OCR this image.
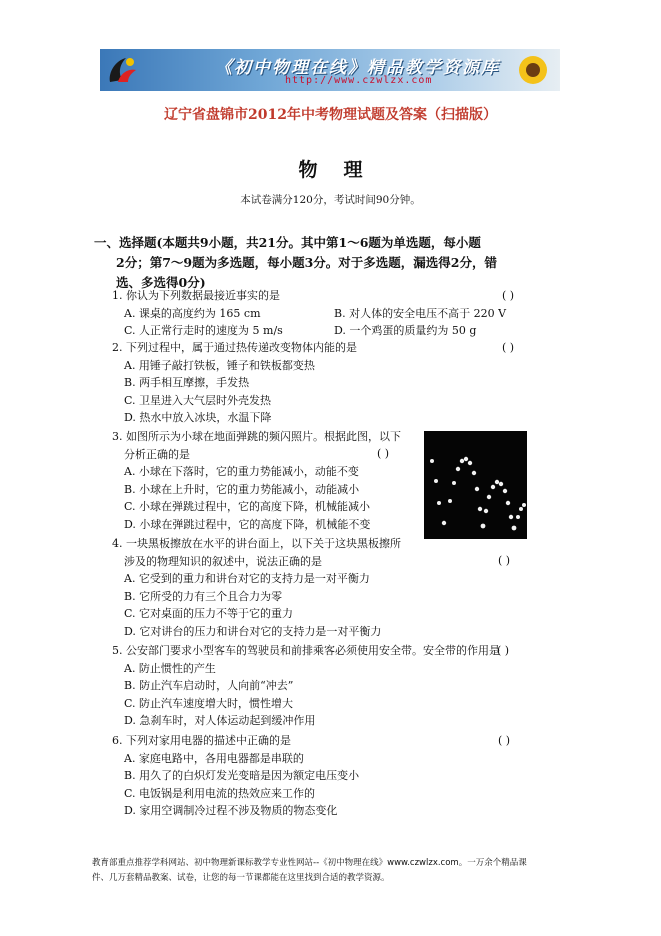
《初中物理在线》精品教学资源库
http://www.czwlzx.com
辽宁省盘锦市2012年中考物理试题及答案（扫描版）
物理
本试卷满分120分，考试时间90分钟。
一、选择题(本题共9小题，共21分。其中第1～6题为单选题，每小题
2分；第7～9题为多选题，每小题3分。对于多选题，漏选得2分，错
选、多选得0分)
1. 你认为下列数据最接近事实的是	( )
A. 课桌的高度约为 165 cm	B. 对人体的安全电压不高于 220 V
C. 人正常行走时的速度为 5 m/s	D. 一个鸡蛋的质量约为 50 g
2. 下列过程中，属于通过热传递改变物体内能的是	( )
A. 用锤子敲打铁板，锤子和铁板都变热
B. 两手相互摩擦，手发热
C. 卫星进入大气层时外壳发热
D. 热水中放入冰块，水温下降
3. 如图所示为小球在地面弹跳的频闪照片。根据此图，以下
分析正确的是	( )
A. 小球在下落时，它的重力势能减小，动能不变
B. 小球在上升时，它的重力势能减小，动能减小
C. 小球在弹跳过程中，它的高度下降，机械能减小
D. 小球在弹跳过程中，它的高度下降，机械能不变
4. 一块黑板擦放在水平的讲台面上，以下关于这块黑板擦所
涉及的物理知识的叙述中，说法正确的是	( )
A. 它受到的重力和讲台对它的支持力是一对平衡力
B. 它所受的力有三个且合力为零
C. 它对桌面的压力不等于它的重力
D. 它对讲台的压力和讲台对它的支持力是一对平衡力
5. 公安部门要求小型客车的驾驶员和前排乘客必须使用安全带。安全带的作用是
( )
A. 防止惯性的产生
B. 防止汽车启动时，人向前“冲去”
C. 防止汽车速度增大时，惯性增大
D. 急刹车时，对人体运动起到缓冲作用
6. 下列对家用电器的描述中正确的是	( )
A. 家庭电路中，各用电器都是串联的
B. 用久了的白炽灯发光变暗是因为额定电压变小
C. 电饭锅是利用电流的热效应来工作的
D. 家用空调制冷过程不涉及物质的物态变化
教育部重点推荐学科网站、初中物理新课标教学专业性网站--《初中物理在线》www.czwlzx.com。一万余个精品课
件、几万套精品教案、试卷，让您的每一节课都能在这里找到合适的教学资源。
